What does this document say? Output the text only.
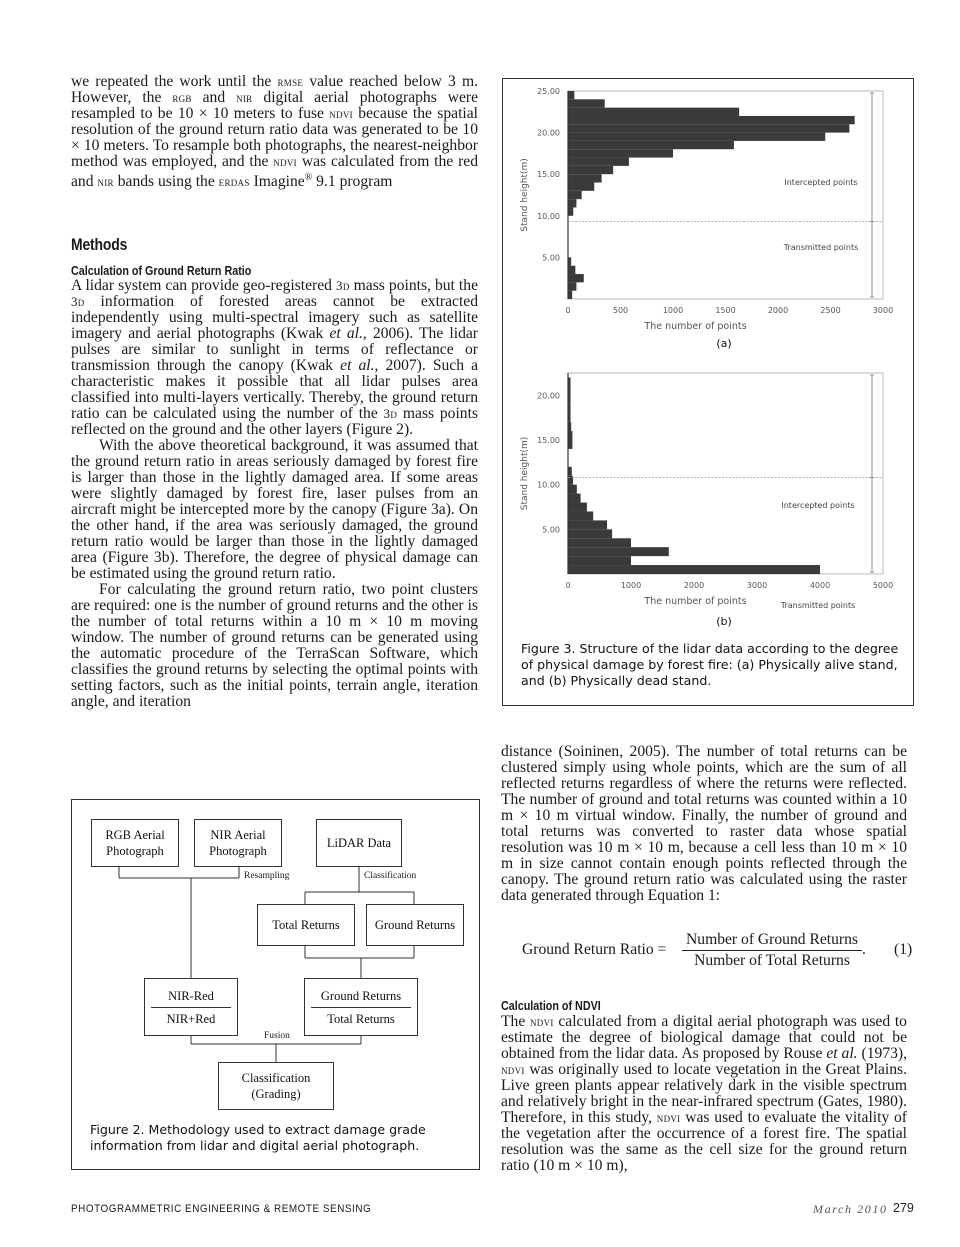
we repeated the work until the rmse value reached below 3 m. However, the rgb and nir digital aerial photographs were resampled to be 10 × 10 meters to fuse ndvi because the spatial resolution of the ground return ratio data was generated to be 10 × 10 meters. To resample both photographs, the nearest-neighbor method was employed, and the ndvi was calculated from the red and nir bands using the erdas Imagine® 9.1 program

Methods
Calculation of Ground Return Ratio

A lidar system can provide geo-registered 3d mass points, but the 3d information of forested areas cannot be extracted independently using multi-spectral imagery such as satellite imagery and aerial photographs (Kwak et al., 2006). The lidar pulses are similar to sunlight in terms of reflectance or transmission through the canopy (Kwak et al., 2007). Such a characteristic makes it possible that all lidar pulses area classified into multi-layers vertically. Thereby, the ground return ratio can be calculated using the number of the 3d mass points reflected on the ground and the other layers (Figure 2).

With the above theoretical background, it was assumed that the ground return ratio in areas seriously damaged by forest fire is larger than those in the lightly damaged area. If some areas were slightly damaged by forest fire, laser pulses from an aircraft might be intercepted more by the canopy (Figure 3a). On the other hand, if the area was seriously damaged, the ground return ratio would be larger than those in the lightly damaged area (Figure 3b). Therefore, the degree of physical damage can be estimated using the ground return ratio.

For calculating the ground return ratio, two point clusters are required: one is the number of ground returns and the other is the number of total returns within a 10 m × 10 m moving window. The number of ground returns can be generated using the automatic procedure of the TerraScan Software, which classifies the ground returns by selecting the optimal points with setting factors, such as the initial points, terrain angle, iteration angle, and iteration

RGB Aerial
Photograph
NIR Aerial
Photograph
LiDAR Data
Resampling	Classification
Total Returns	Ground Returns
NIR-Red
NIR+Red
Ground Returns
Total Returns
Fusion
Classification
(Grading)
Figure 2. Methodology used to extract damage grade information from lidar and digital aerial photograph.
0	500	1000	1500	2000	2500	3000
5.00
10.00
15.00
20.00
25.00
The number of points
Stand height(m)	Intercepted points
Transmitted points
(a)
0	1000	2000	3000	4000	5000
5.00
10.00
15.00
20.00
The number of points
Stand height(m)	Intercepted points
Transmitted points
(b)
Figure 3. Structure of the lidar data according to the degree of physical damage by forest fire: (a) Physically alive stand, and (b) Physically dead stand.

distance (Soininen, 2005). The number of total returns can be clustered simply using whole points, which are the sum of all reflected returns regardless of where the returns were reflected. The number of ground and total returns was counted within a 10 m × 10 m virtual window. Finally, the number of ground and total returns was converted to raster data whose spatial resolution was 10 m × 10 m, because a cell less than 10 m × 10 m in size cannot contain enough points reflected through the canopy. The ground return ratio was calculated using the raster data generated through Equation 1:

Ground Return Ratio =
Number of Ground Returns
Number of Total Returns
. (1)
Calculation of NDVI

The ndvi calculated from a digital aerial photograph was used to estimate the degree of biological damage that could not be obtained from the lidar data. As proposed by Rouse et al. (1973), ndvi was originally used to locate vegetation in the Great Plains. Live green plants appear relatively dark in the visible spectrum and relatively bright in the near-infrared spectrum (Gates, 1980). Therefore, in this study, ndvi was used to evaluate the vitality of the vegetation after the occurrence of a forest fire. The spatial resolution was the same as the cell size for the ground return ratio (10 m × 10 m),

PHOTOGRAMMETRIC ENGINEERING & REMOTE SENSING	March 2010 279
